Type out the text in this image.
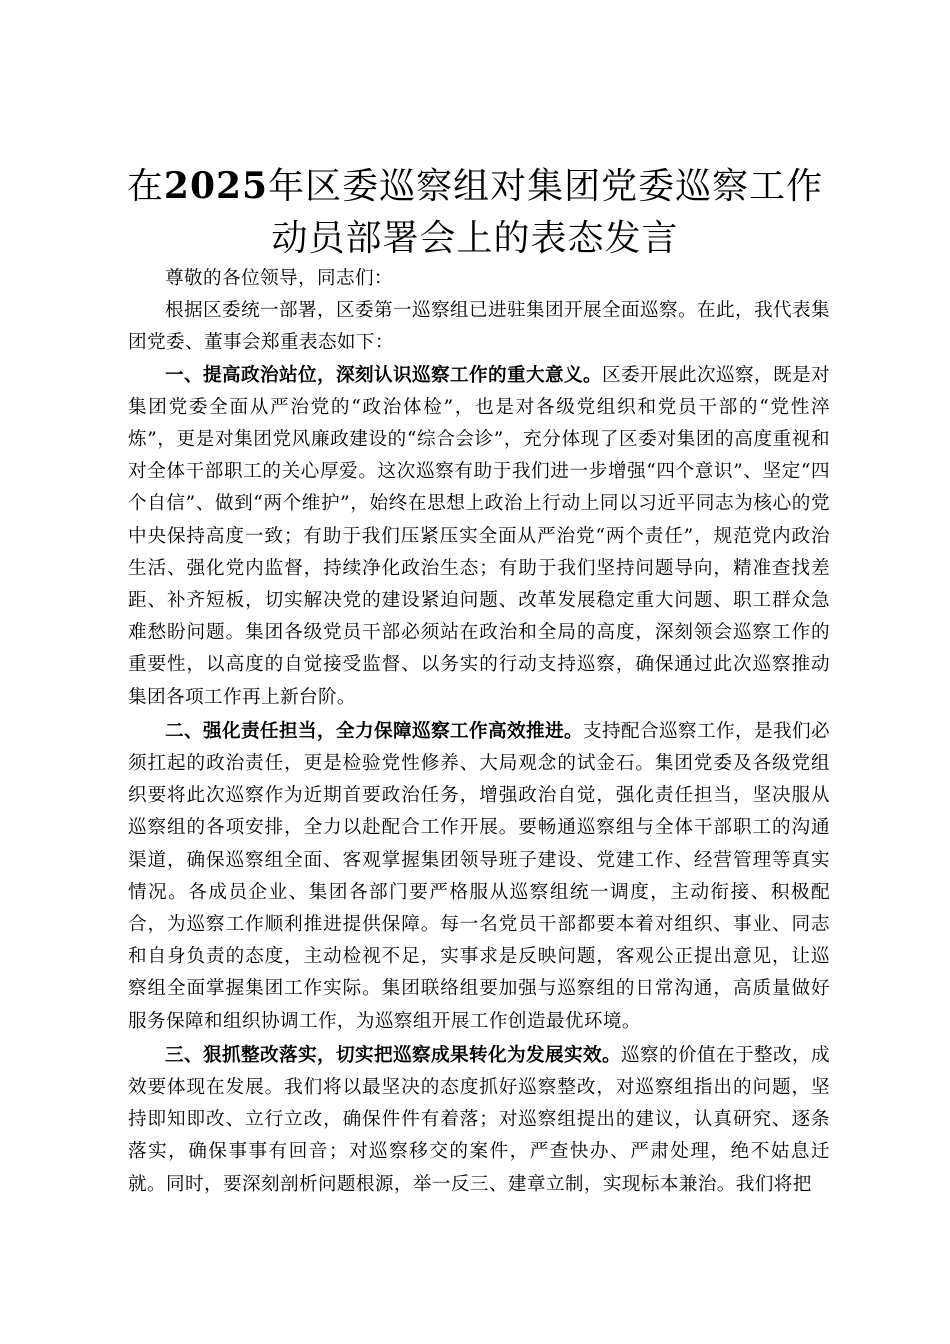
在2025年区委巡察组对集团党委巡察工作动员部署会上的表态发言

尊敬的各位领导，同志们：

根据区委统一部署，区委第一巡察组已进驻集团开展全面巡察。在此，我代表集团党委、董事会郑重表态如下：

一、提高政治站位，深刻认识巡察工作的重大意义。区委开展此次巡察，既是对集团党委全面从严治党的“政治体检”，也是对各级党组织和党员干部的“党性淬炼”，更是对集团党风廉政建设的“综合会诊”，充分体现了区委对集团的高度重视和对全体干部职工的关心厚爱。这次巡察有助于我们进一步增强“四个意识”、坚定“四个自信”、做到“两个维护”，始终在思想上政治上行动上同以习近平同志为核心的党中央保持高度一致；有助于我们压紧压实全面从严治党“两个责任”，规范党内政治生活、强化党内监督，持续净化政治生态；有助于我们坚持问题导向，精准查找差距、补齐短板，切实解决党的建设紧迫问题、改革发展稳定重大问题、职工群众急难愁盼问题。集团各级党员干部必须站在政治和全局的高度，深刻领会巡察工作的重要性，以高度的自觉接受监督、以务实的行动支持巡察，确保通过此次巡察推动集团各项工作再上新台阶。

二、强化责任担当，全力保障巡察工作高效推进。支持配合巡察工作，是我们必须扛起的政治责任，更是检验党性修养、大局观念的试金石。集团党委及各级党组织要将此次巡察作为近期首要政治任务，增强政治自觉，强化责任担当，坚决服从巡察组的各项安排，全力以赴配合工作开展。要畅通巡察组与全体干部职工的沟通渠道，确保巡察组全面、客观掌握集团领导班子建设、党建工作、经营管理等真实情况。各成员企业、集团各部门要严格服从巡察组统一调度，主动衔接、积极配合，为巡察工作顺利推进提供保障。每一名党员干部都要本着对组织、事业、同志和自身负责的态度，主动检视不足，实事求是反映问题，客观公正提出意见，让巡察组全面掌握集团工作实际。集团联络组要加强与巡察组的日常沟通，高质量做好服务保障和组织协调工作，为巡察组开展工作创造最优环境。

三、狠抓整改落实，切实把巡察成果转化为发展实效。巡察的价值在于整改，成效要体现在发展。我们将以最坚决的态度抓好巡察整改，对巡察组指出的问题，坚持即知即改、立行立改，确保件件有着落；对巡察组提出的建议，认真研究、逐条落实，确保事事有回音；对巡察移交的案件，严查快办、严肃处理，绝不姑息迁就。同时，要深刻剖析问题根源，举一反三、建章立制，实现标本兼治。我们将把
